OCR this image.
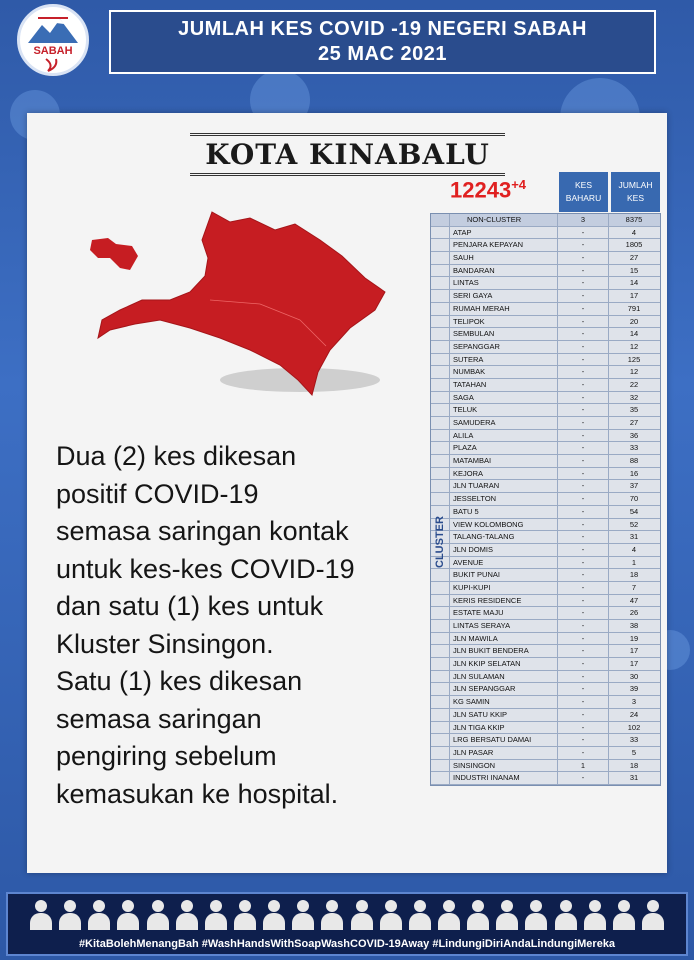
SABAH
JUMLAH KES COVID -19 NEGERI SABAH
25 MAC 2021
KOTA KINABALU
$12243^{+4}$

Dua (2) kes dikesan

positif COVID-19

semasa saringan kontak

untuk kes-kes COVID-19

dan satu (1) kes untuk

Kluster Sinsingon.

Satu (1) kes dikesan

semasa saringan

pengiring sebelum

kemasukan ke hospital.

KES BAHARU
JUMLAH KES
NON-CLUSTER	3	8375
ATAP	-	4
PENJARA KEPAYAN	-	1805
SAUH	-	27
BANDARAN	-	15
LINTAS	-	14
SERI GAYA	-	17
RUMAH MERAH	-	791
TELIPOK	-	20
SEMBULAN	-	14
SEPANGGAR	-	12
SUTERA	-	125
NUMBAK	-	12
TATAHAN	-	22
SAGA	-	32
TELUK	-	35
SAMUDERA	-	27
ALILA	-	36
PLAZA	-	33
MATAMBAI	-	88
KEJORA	-	16
JLN TUARAN	-	37
JESSELTON	-	70
BATU 5	-	54
VIEW KOLOMBONG	-	52
TALANG-TALANG	-	31
JLN DOMIS	-	4
AVENUE	-	1
BUKIT PUNAI	-	18
KUPI-KUPI	-	7
KERIS RESIDENCE	-	47
ESTATE MAJU	-	26
LINTAS SERAYA	-	38
JLN MAWILA	-	19
JLN BUKIT BENDERA	-	17
JLN KKIP SELATAN	-	17
JLN SULAMAN	-	30
JLN SEPANGGAR	-	39
KG SAMIN	-	3
JLN SATU KKIP	-	24
JLN TIGA KKIP	-	102
LRG BERSATU DAMAI	-	33
JLN PASAR	-	5
SINSINGON	1	18
INDUSTRI INANAM	-	31
CLUSTER
#KitaBolehMenangBah #WashHandsWithSoapWashCOVID-19Away #LindungiDiriAndaLindungiMereka
